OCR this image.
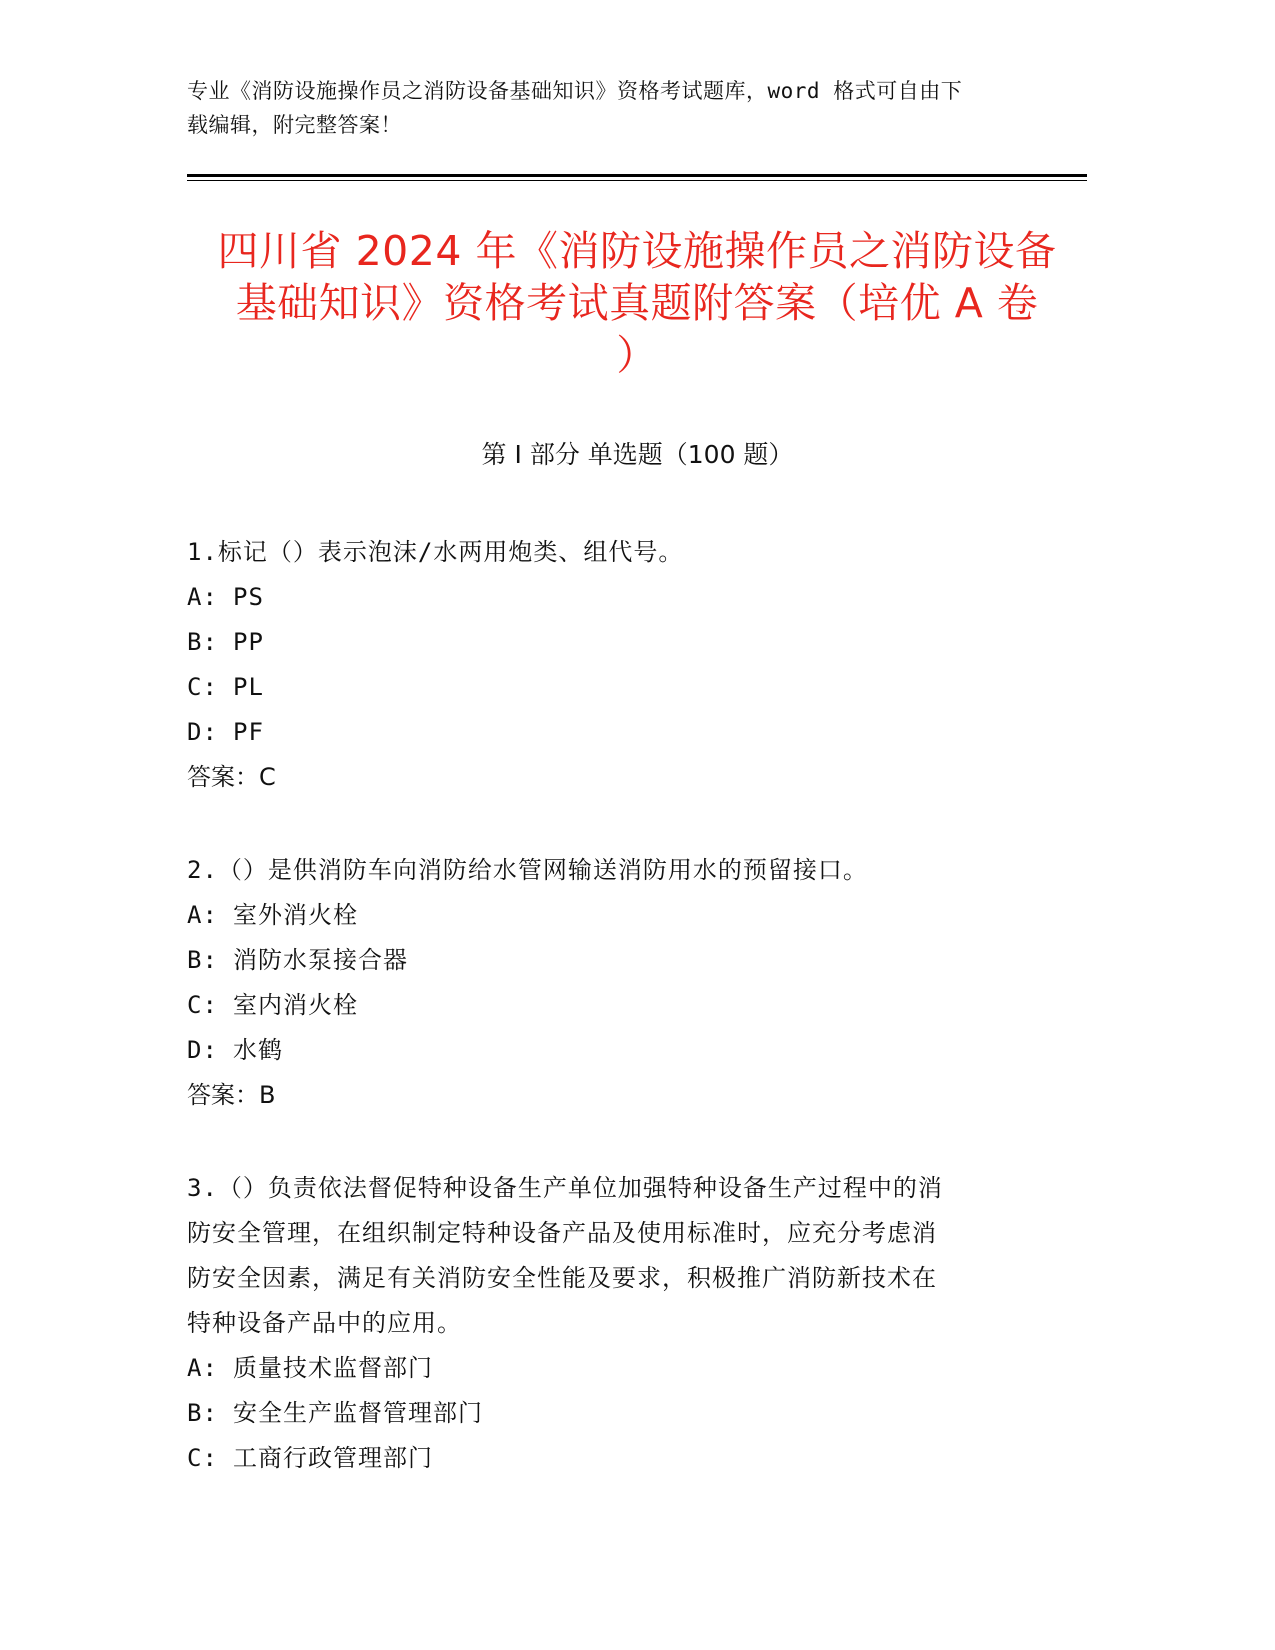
专业《消防设施操作员之消防设备基础知识》资格考试题库，word 格式可自由下
载编辑，附完整答案！
四川省 2024 年《消防设施操作员之消防设备
基础知识》资格考试真题附答案（培优 A 卷
）
第 I 部分 单选题（100 题）
1.标记（）表示泡沫/水两用炮类、组代号。
A: PS
B: PP
C: PL
D: PF
答案：C
2.（）是供消防车向消防给水管网输送消防用水的预留接口。
A: 室外消火栓
B: 消防水泵接合器
C: 室内消火栓
D: 水鹤
答案：B
3.（）负责依法督促特种设备生产单位加强特种设备生产过程中的消
防安全管理，在组织制定特种设备产品及使用标准时，应充分考虑消
防安全因素，满足有关消防安全性能及要求，积极推广消防新技术在
特种设备产品中的应用。
A: 质量技术监督部门
B: 安全生产监督管理部门
C: 工商行政管理部门
